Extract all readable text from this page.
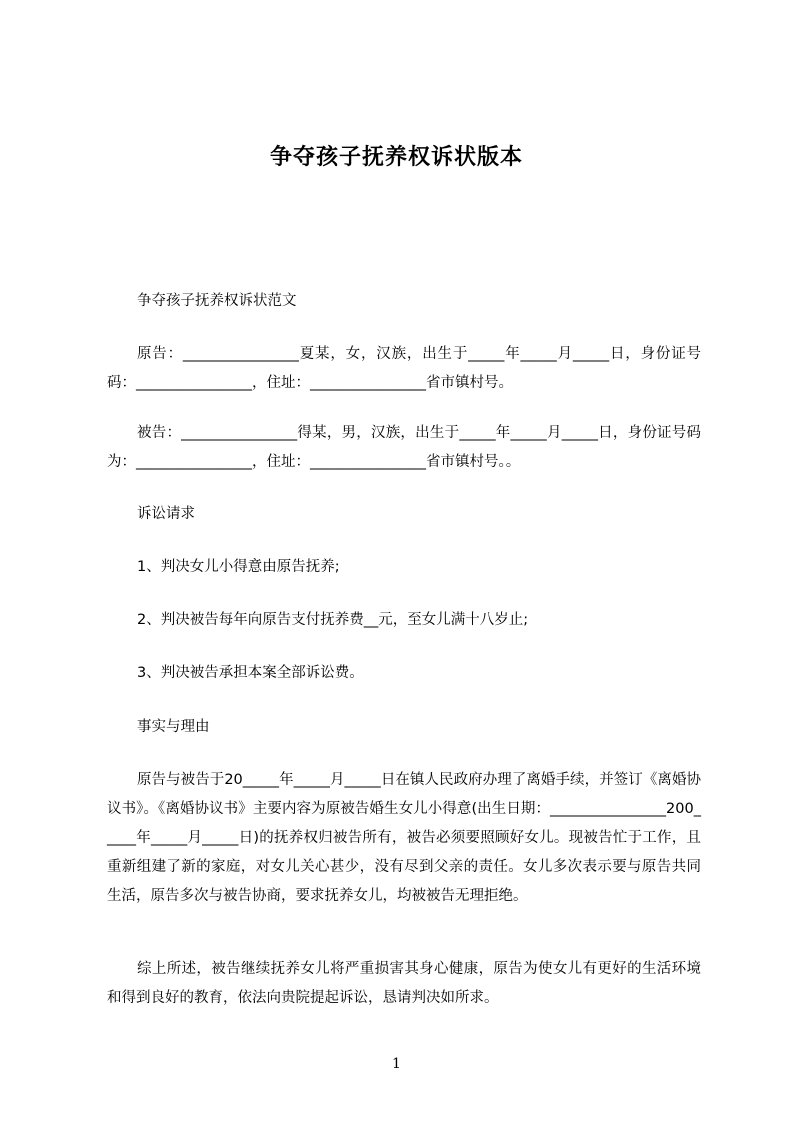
争夺孩子抚养权诉状版本
争夺孩子抚养权诉状范文
原告：________________夏某，女，汉族，出生于_____年_____月_____日，身份证号码：________________，住址：________________省市镇村号。
被告：________________得某，男，汉族，出生于_____年_____月_____日，身份证号码为：________________，住址：________________省市镇村号。。
诉讼请求
1、判决女儿小得意由原告抚养;
2、判决被告每年向原告支付抚养费__元，至女儿满十八岁止;
3、判决被告承担本案全部诉讼费。
事实与理由
原告与被告于20_____年_____月_____日在镇人民政府办理了离婚手续，并签订《离婚协议书》。《离婚协议书》主要内容为原被告婚生女儿小得意(出生日期：________________200_____年_____月_____日)的抚养权归被告所有，被告必须要照顾好女儿。现被告忙于工作，且重新组建了新的家庭，对女儿关心甚少，没有尽到父亲的责任。女儿多次表示要与原告共同生活，原告多次与被告协商，要求抚养女儿，均被被告无理拒绝。
综上所述，被告继续抚养女儿将严重损害其身心健康，原告为使女儿有更好的生活环境和得到良好的教育，依法向贵院提起诉讼，恳请判决如所求。
1
